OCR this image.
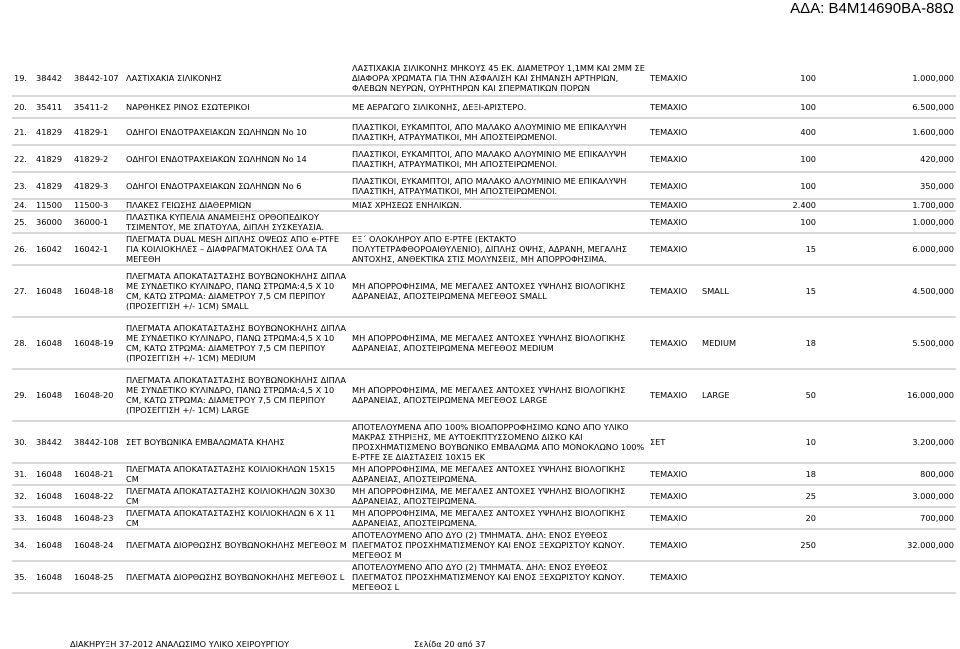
ΑΔΑ: Β4Μ14690ΒΑ-88Ω
19.	38442	38442-107	ΛΑΣΤΙΧΑΚΙΑ ΣΙΛΙΚΟΝΗΣ	ΛΑΣΤΙΧΑΚΙΑ ΣΙΛΙΚΟΝΗΣ ΜΗΚΟΥΣ 45 ΕΚ. ΔΙΑΜΕΤΡΟΥ 1,1ΜΜ ΚΑΙ 2ΜΜ ΣΕ ΔΙΑΦΟΡΑ ΧΡΩΜΑΤΑ ΓΙΑ ΤΗΝ ΑΣΦΑΛΙΣΗ ΚΑΙ ΣΗΜΑΝΣΗ ΑΡΤΗΡΙΩΝ, ΦΛΕΒΩΝ ΝΕΥΡΩΝ, ΟΥΡΗΤΗΡΩΝ ΚΑΙ ΣΠΕΡΜΑΤΙΚΩΝ ΠΟΡΩΝ	ΤΕΜΑΧΙΟ		100	1.000,000
20.	35411	35411-2	ΝΑΡΘΗΚΕΣ ΡΙΝΟΣ ΕΣΩΤΕΡΙΚΟΙ	ΜΕ ΑΕΡΑΓΩΓΟ ΣΙΛΙΚΟΝΗΣ, ΔΕΞΙ-ΑΡΙΣΤΕΡΟ.	ΤΕΜΑΧΙΟ		100	6.500,000
21.	41829	41829-1	ΟΔΗΓΟΙ ΕΝΔΟΤΡΑΧΕΙΑΚΩΝ ΣΩΛΗΝΩΝ No 10	ΠΛΑΣΤΙΚΟΙ, ΕΥΚΑΜΠΤΟΙ, ΑΠΟ ΜΑΛΑΚΟ ΑΛΟΥΜΙΝΙΟ ΜΕ ΕΠΙΚΑΛΥΨΗ ΠΛΑΣΤΙΚΗ, ΑΤΡΑΥΜΑΤΙΚΟΙ, ΜΗ ΑΠΟΣΤΕΙΡΩΜΕΝΟΙ.	ΤΕΜΑΧΙΟ		400	1.600,000
22.	41829	41829-2	ΟΔΗΓΟΙ ΕΝΔΟΤΡΑΧΕΙΑΚΩΝ ΣΩΛΗΝΩΝ No 14	ΠΛΑΣΤΙΚΟΙ, ΕΥΚΑΜΠΤΟΙ, ΑΠΟ ΜΑΛΑΚΟ ΑΛΟΥΜΙΝΙΟ ΜΕ ΕΠΙΚΑΛΥΨΗ ΠΛΑΣΤΙΚΗ, ΑΤΡΑΥΜΑΤΙΚΟΙ, ΜΗ ΑΠΟΣΤΕΙΡΩΜΕΝΟΙ.	ΤΕΜΑΧΙΟ		100	420,000
23.	41829	41829-3	ΟΔΗΓΟΙ ΕΝΔΟΤΡΑΧΕΙΑΚΩΝ ΣΩΛΗΝΩΝ No 6	ΠΛΑΣΤΙΚΟΙ, ΕΥΚΑΜΠΤΟΙ, ΑΠΟ ΜΑΛΑΚΟ ΑΛΟΥΜΙΝΙΟ ΜΕ ΕΠΙΚΑΛΥΨΗ ΠΛΑΣΤΙΚΗ, ΑΤΡΑΥΜΑΤΙΚΟΙ, ΜΗ ΑΠΟΣΤΕΙΡΩΜΕΝΟΙ.	ΤΕΜΑΧΙΟ		100	350,000
24.	11500	11500-3	ΠΛΑΚΕΣ ΓΕΙΩΣΗΣ ΔΙΑΘΕΡΜΙΩΝ	ΜΙΑΣ ΧΡΗΣΕΩΣ ΕΝΗΛΙΚΩΝ.	ΤΕΜΑΧΙΟ		2.400	1.700,000
25.	36000	36000-1	ΠΛΑΣΤΙΚΑ ΚΥΠΕΛΙΑ ΑΝΑΜΕΙΞΗΣ ΟΡΘΟΠΕΔΙΚΟΥ ΤΣΙΜΕΝΤΟΥ, ΜΕ ΣΠΑΤΟΥΛΑ, ΔΙΠΛΗ ΣΥΣΚΕΥΑΣΙΑ.		ΤΕΜΑΧΙΟ		100	1.000,000
26.	16042	16042-1	ΠΛΕΓΜΑΤΑ DUAL MESH ΔΙΠΛΗΣ ΟΨΕΩΣ ΑΠΟ e-PTFE ΓΙΑ ΚΟΙΛΙΟΚΗΛΕΣ – ΔΙΑΦΡΑΓΜΑΤΟΚΗΛΕΣ ΟΛΑ ΤΑ ΜΕΓΕΘΗ	ΕΞ΄ ΟΛΟΚΛΗΡΟΥ ΑΠΟ E-PTFE (ΕΚΤΑΚΤΟ ΠΟΛΥΤΕΤΡΑΦΘΟΡΟΑΙΘΥΛΕΝΙΟ), ΔΙΠΛΗΣ ΟΨΗΣ, ΑΔΡΑΝΗ, ΜΕΓΑΛΗΣ ΑΝΤΟΧΗΣ, ΑΝΘΕΚΤΙΚΑ ΣΤΙΣ ΜΟΛΥΝΣΕΙΣ, ΜΗ ΑΠΟΡΡΟΦΗΣΙΜΑ.	ΤΕΜΑΧΙΟ		15	6.000,000
27.	16048	16048-18	ΠΛΕΓΜΑΤΑ ΑΠΟΚΑΤΑΣΤΑΣΗΣ ΒΟΥΒΩΝΟΚΗΛΗΣ ΔΙΠΛΑ ΜΕ ΣΥΝΔΕΤΙΚΟ ΚΥΛΙΝΔΡΟ, ΠΑΝΩ ΣΤΡΩΜΑ:4,5 Χ 10 CM, ΚΑΤΩ ΣΤΡΩΜΑ: ΔΙΑΜΕΤΡΟΥ 7,5 CM ΠΕΡΙΠΟΥ (ΠΡΟΣΕΓΓΙΣΗ +/- 1CM) SMALL	ΜΗ ΑΠΟΡΡΟΦΗΣΙΜΑ, ΜΕ ΜΕΓΑΛΕΣ ΑΝΤΟΧΕΣ ΥΨΗΛΗΣ ΒΙΟΛΟΓΙΚΗΣ ΑΔΡΑΝΕΙΑΣ, ΑΠΟΣΤΕΙΡΩΜΕΝΑ ΜΕΓΕΘΟΣ SMALL	ΤΕΜΑΧΙΟ	SMALL	15	4.500,000
28.	16048	16048-19	ΠΛΕΓΜΑΤΑ ΑΠΟΚΑΤΑΣΤΑΣΗΣ ΒΟΥΒΩΝΟΚΗΛΗΣ ΔΙΠΛΑ ΜΕ ΣΥΝΔΕΤΙΚΟ ΚΥΛΙΝΔΡΟ, ΠΑΝΩ ΣΤΡΩΜΑ:4,5 Χ 10 CM, ΚΑΤΩ ΣΤΡΩΜΑ: ΔΙΑΜΕΤΡΟΥ 7,5 CM ΠΕΡΙΠΟΥ (ΠΡΟΣΕΓΓΙΣΗ +/- 1CM) MEDIUM	ΜΗ ΑΠΟΡΡΟΦΗΣΙΜΑ, ΜΕ ΜΕΓΑΛΕΣ ΑΝΤΟΧΕΣ ΥΨΗΛΗΣ ΒΙΟΛΟΓΙΚΗΣ ΑΔΡΑΝΕΙΑΣ, ΑΠΟΣΤΕΙΡΩΜΕΝΑ ΜΕΓΕΘΟΣ MEDIUM	ΤΕΜΑΧΙΟ	MEDIUM	18	5.500,000
29.	16048	16048-20	ΠΛΕΓΜΑΤΑ ΑΠΟΚΑΤΑΣΤΑΣΗΣ ΒΟΥΒΩΝΟΚΗΛΗΣ ΔΙΠΛΑ ΜΕ ΣΥΝΔΕΤΙΚΟ ΚΥΛΙΝΔΡΟ, ΠΑΝΩ ΣΤΡΩΜΑ:4,5 Χ 10 CM, ΚΑΤΩ ΣΤΡΩΜΑ: ΔΙΑΜΕΤΡΟΥ 7,5 CM ΠΕΡΙΠΟΥ (ΠΡΟΣΕΓΓΙΣΗ +/- 1CM) LARGE	ΜΗ ΑΠΟΡΡΟΦΗΣΙΜΑ, ΜΕ ΜΕΓΑΛΕΣ ΑΝΤΟΧΕΣ ΥΨΗΛΗΣ ΒΙΟΛΟΓΙΚΗΣ ΑΔΡΑΝΕΙΑΣ, ΑΠΟΣΤΕΙΡΩΜΕΝΑ ΜΕΓΕΘΟΣ LARGE	ΤΕΜΑΧΙΟ	LARGE	50	16.000,000
30.	38442	38442-108	ΣΕΤ ΒΟΥΒΩΝΙΚΑ ΕΜΒΑΛΩΜΑΤΑ ΚΗΛΗΣ	ΑΠΟΤΕΛΟΥΜΕΝΑ ΑΠΟ 100% ΒΙΟΑΠΟΡΡΟΦΗΣΙΜΟ ΚΩΝΟ ΑΠΟ ΥΛΙΚΟ ΜΑΚΡΑΣ ΣΤΗΡΙΞΗΣ, ΜΕ ΑΥΤΟΕΚΠΤΥΣΣΟΜΕΝΟ ΔΙΣΚΟ ΚΑΙ ΠΡΟΣΧΗΜΑΤΙΣΜΕΝΟ ΒΟΥΒΩΝΙΚΟ ΕΜΒΑΛΩΜΑ ΑΠΟ ΜΟΝΟΚΛΩΝΟ 100% E-PTFE ΣΕ ΔΙΑΣΤΑΣΕΙΣ 10Χ15 ΕΚ	ΣΕΤ		10	3.200,000
31.	16048	16048-21	ΠΛΕΓΜΑΤΑ ΑΠΟΚΑΤΑΣΤΑΣΗΣ ΚΟΙΛΙΟΚΗΛΩΝ 15Χ15 CM	ΜΗ ΑΠΟΡΡΟΦΗΣΙΜΑ, ΜΕ ΜΕΓΑΛΕΣ ΑΝΤΟΧΕΣ ΥΨΗΛΗΣ ΒΙΟΛΟΓΙΚΗΣ ΑΔΡΑΝΕΙΑΣ, ΑΠΟΣΤΕΙΡΩΜΕΝΑ.	ΤΕΜΑΧΙΟ		18	800,000
32.	16048	16048-22	ΠΛΕΓΜΑΤΑ ΑΠΟΚΑΤΑΣΤΑΣΗΣ ΚΟΙΛΙΟΚΗΛΩΝ 30Χ30 CM	ΜΗ ΑΠΟΡΡΟΦΗΣΙΜΑ, ΜΕ ΜΕΓΑΛΕΣ ΑΝΤΟΧΕΣ ΥΨΗΛΗΣ ΒΙΟΛΟΓΙΚΗΣ ΑΔΡΑΝΕΙΑΣ, ΑΠΟΣΤΕΙΡΩΜΕΝΑ.	ΤΕΜΑΧΙΟ		25	3.000,000
33.	16048	16048-23	ΠΛΕΓΜΑΤΑ ΑΠΟΚΑΤΑΣΤΑΣΗΣ ΚΟΙΛΙΟΚΗΛΩΝ 6 Χ 11 CM	ΜΗ ΑΠΟΡΡΟΦΗΣΙΜΑ, ΜΕ ΜΕΓΑΛΕΣ ΑΝΤΟΧΕΣ ΥΨΗΛΗΣ ΒΙΟΛΟΓΙΚΗΣ ΑΔΡΑΝΕΙΑΣ, ΑΠΟΣΤΕΙΡΩΜΕΝΑ.	ΤΕΜΑΧΙΟ		20	700,000
34.	16048	16048-24	ΠΛΕΓΜΑΤΑ ΔΙΟΡΘΩΣΗΣ ΒΟΥΒΩΝΟΚΗΛΗΣ ΜΕΓΕΘΟΣ Μ	ΑΠΟΤΕΛΟΥΜΕΝΟ ΑΠΟ ΔΥΟ (2) ΤΜΗΜΑΤΑ. ΔΗΛ: ΕΝΟΣ ΕΥΘΕΟΣ ΠΛΕΓΜΑΤΟΣ ΠΡΟΣΧΗΜΑΤΙΣΜΕΝΟΥ ΚΑΙ ΕΝΟΣ ΞΕΧΩΡΙΣΤΟΥ ΚΩΝΟΥ. ΜΕΓΕΘΟΣ Μ	ΤΕΜΑΧΙΟ		250	32.000,000
35.	16048	16048-25	ΠΛΕΓΜΑΤΑ ΔΙΟΡΘΩΣΗΣ ΒΟΥΒΩΝΟΚΗΛΗΣ ΜΕΓΕΘΟΣ L	ΑΠΟΤΕΛΟΥΜΕΝΟ ΑΠΟ ΔΥΟ (2) ΤΜΗΜΑΤΑ. ΔΗΛ: ΕΝΟΣ ΕΥΘΕΟΣ ΠΛΕΓΜΑΤΟΣ ΠΡΟΣΧΗΜΑΤΙΣΜΕΝΟΥ ΚΑΙ ΕΝΟΣ ΞΕΧΩΡΙΣΤΟΥ ΚΩΝΟΥ. ΜΕΓΕΘΟΣ L	ΤΕΜΑΧΙΟ			
ΔΙΑΚΗΡΥΞΗ 37-2012 ΑΝΑΛΩΣΙΜΟ ΥΛΙΚΟ ΧΕΙΡΟΥΡΓΙΟΥ	Σελίδα 20 από 37
